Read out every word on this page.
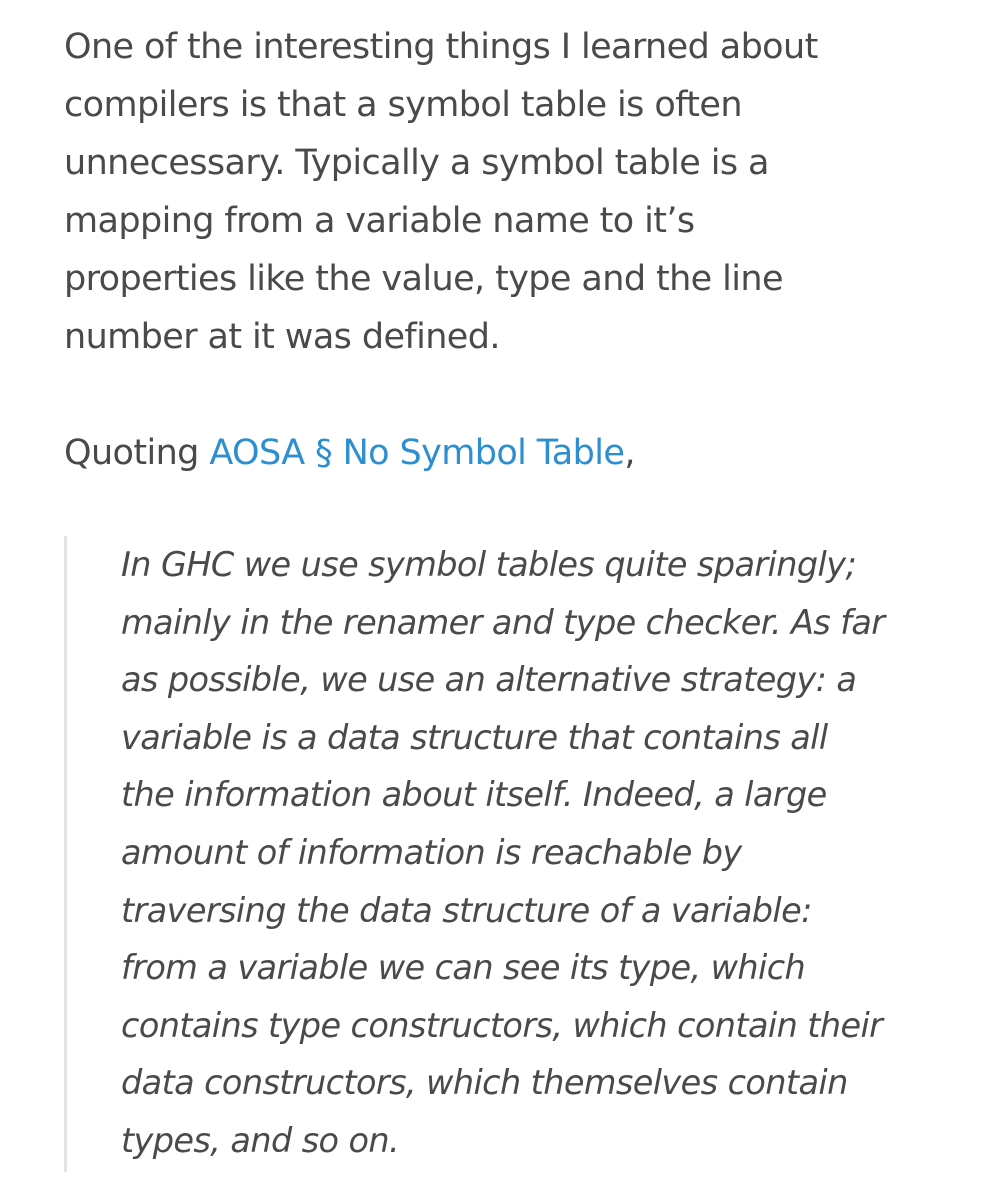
One of the interesting things I learned about
compilers is that a symbol table is often
unnecessary. Typically a symbol table is a
mapping from a variable name to it’s
properties like the value, type and the line
number at it was defined.

Quoting AOSA § No Symbol Table,

In GHC we use symbol tables quite sparingly;
mainly in the renamer and type checker. As far
as possible, we use an alternative strategy: a
variable is a data structure that contains all
the information about itself. Indeed, a large
amount of information is reachable by
traversing the data structure of a variable:
from a variable we can see its type, which
contains type constructors, which contain their
data constructors, which themselves contain
types, and so on.
